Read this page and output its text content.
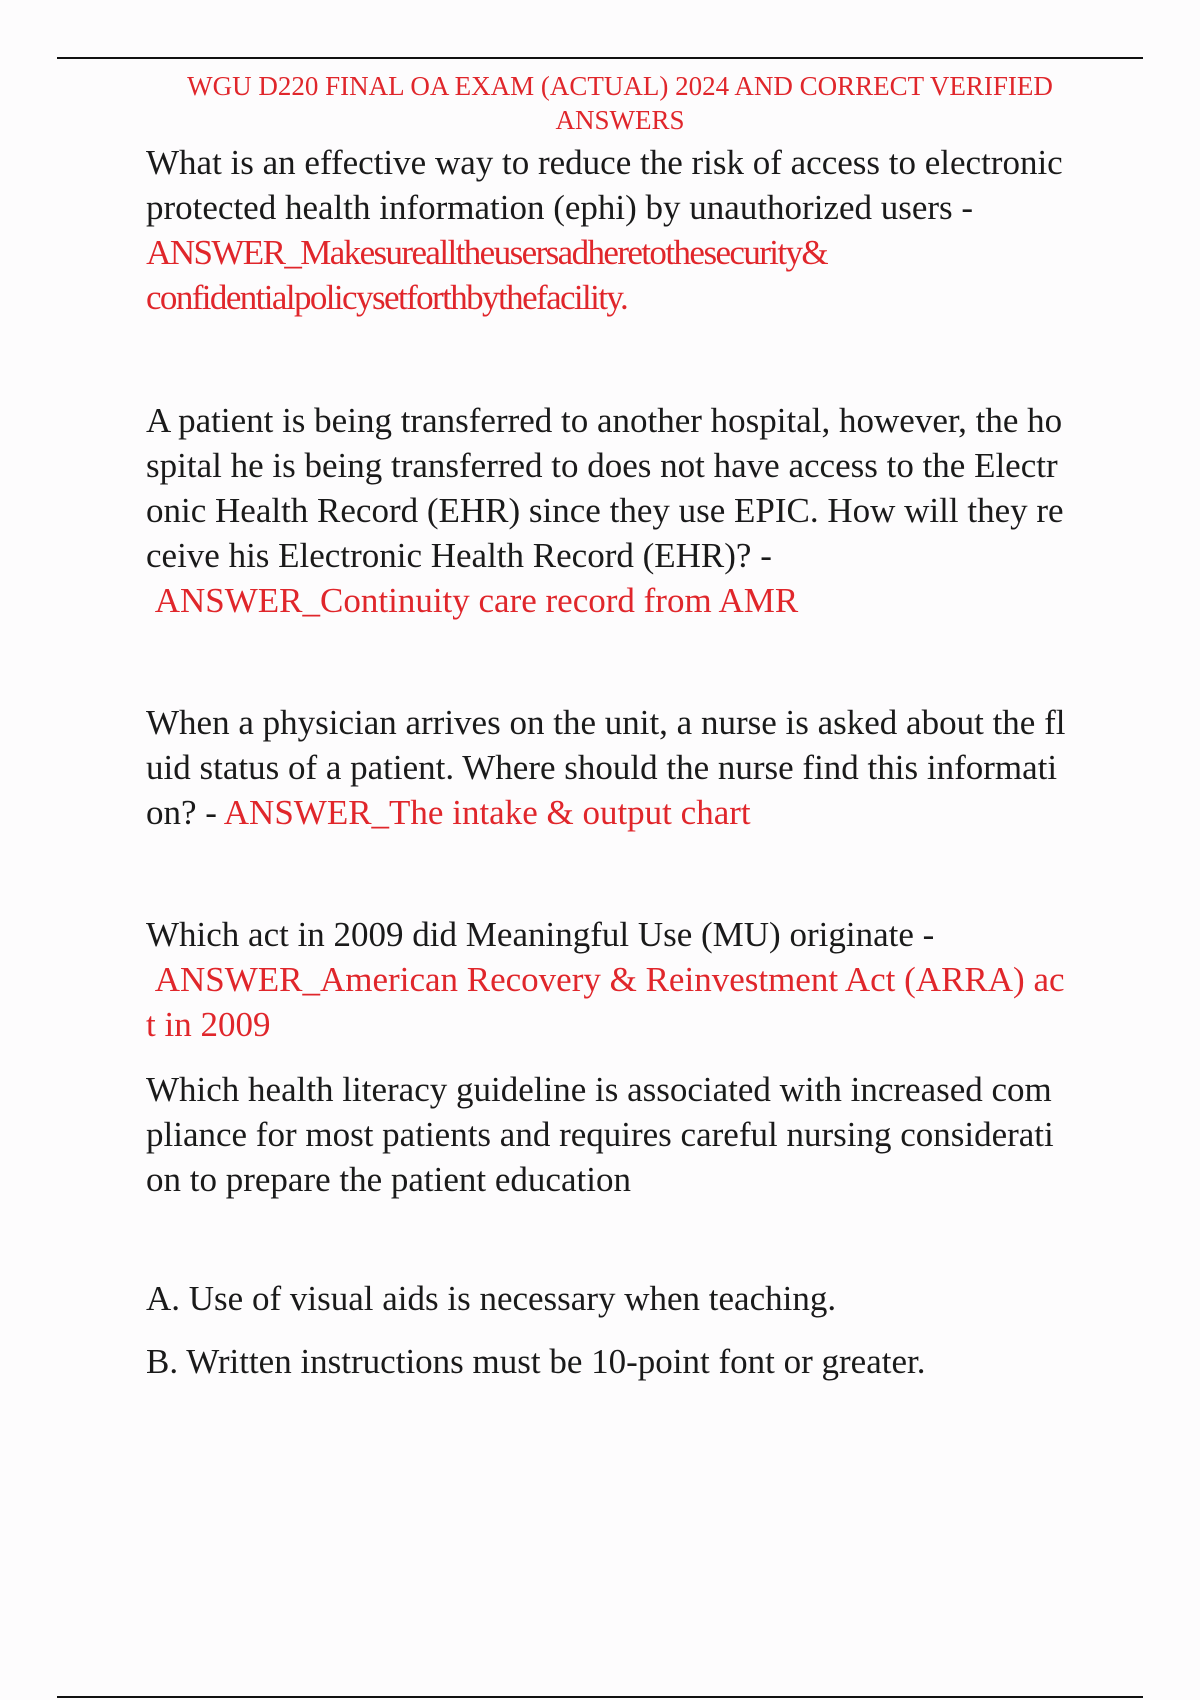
WGU D220 FINAL OA EXAM (ACTUAL) 2024 AND CORRECT VERIFIED
ANSWERS
What is an effective way to reduce the risk of access to electronic
protected health information (ephi) by unauthorized users -
ANSWER_Makesureallthe usersadheretothe security&
confidentialpolicy setforthby thefacility.
A patient is being transferred to another hospital, however, the ho
spital he is being transferred to does not have access to the Electr
onic Health Record (EHR) since they use EPIC. How will they re
ceive his Electronic Health Record (EHR)? -
ANSWER_Continuity care record from AMR
When a physician arrives on the unit, a nurse is asked about the fl
uid status of a patient. Where should the nurse find this informati
on? - ANSWER_The intake & output chart
Which act in 2009 did Meaningful Use (MU) originate -
ANSWER_American Recovery & Reinvestment Act (ARRA) ac
t in 2009
Which health literacy guideline is associated with increased com
pliance for most patients and requires careful nursing considerati
on to prepare the patient education
A. Use of visual aids is necessary when teaching.
B. Written instructions must be 10-point font or greater.
